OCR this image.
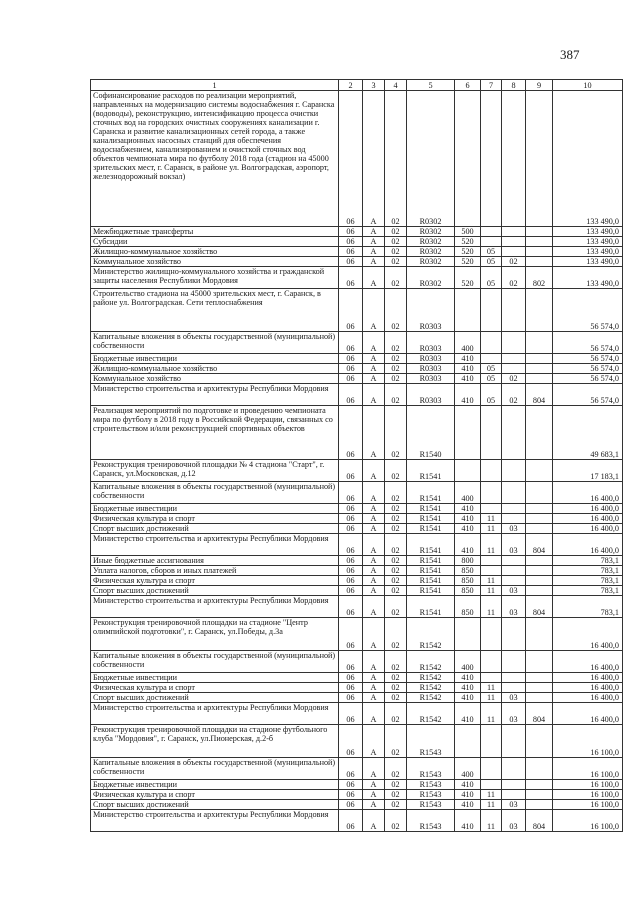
387
1	2	3	4	5	6	7	8	9	10
Софинансирование расходов по реализации мероприятий, направленных на модернизацию системы водоснабжения г. Саранска (водоводы), реконструкцию, интенсификацию процесса очистки сточных вод на городских очистных сооружениях канализации г. Саранска и развитие канализационных сетей города, а также канализационных насосных станций для обеспечения водоснабжением, канализированием и очисткой сточных вод объектов чемпионата мира по футболу 2018 года (стадион на 45000 зрительских мест, г. Саранск, в районе ул. Волгоградская, аэропорт, железнодорожный вокзал)	06	А	02	R0302					133 490,0
Межбюджетные трансферты	06	А	02	R0302	500				133 490,0
Субсидии	06	А	02	R0302	520				133 490,0
Жилищно-коммунальное хозяйство	06	А	02	R0302	520	05			133 490,0
Коммунальное хозяйство	06	А	02	R0302	520	05	02		133 490,0
Министерство жилищно-коммунального хозяйства и гражданской защиты населения Республики Мордовия	06	А	02	R0302	520	05	02	802	133 490,0
Строительство стадиона на 45000 зрительских мест, г. Саранск, в районе ул. Волгоградская. Сети теплоснабжения	06	А	02	R0303					56 574,0
Капитальные вложения в объекты государственной (муниципальной) собственности	06	А	02	R0303	400				56 574,0
Бюджетные инвестиции	06	А	02	R0303	410				56 574,0
Жилищно-коммунальное хозяйство	06	А	02	R0303	410	05			56 574,0
Коммунальное хозяйство	06	А	02	R0303	410	05	02		56 574,0
Министерство строительства и архитектуры Республики Мордовия	06	А	02	R0303	410	05	02	804	56 574,0
Реализация мероприятий по подготовке и проведению чемпионата мира по футболу в 2018 году в Российской Федерации, связанных со строительством и/или реконструкцией спортивных объектов	06	А	02	R1540					49 683,1
Реконструкция тренировочной площадки № 4 стадиона "Старт", г. Саранск, ул.Московская, д.12	06	А	02	R1541					17 183,1
Капитальные вложения в объекты государственной (муниципальной) собственности	06	А	02	R1541	400				16 400,0
Бюджетные инвестиции	06	А	02	R1541	410				16 400,0
Физическая культура и спорт	06	А	02	R1541	410	11			16 400,0
Спорт высших достижений	06	А	02	R1541	410	11	03		16 400,0
Министерство строительства и архитектуры Республики Мордовия	06	А	02	R1541	410	11	03	804	16 400,0
Иные бюджетные ассигнования	06	А	02	R1541	800				783,1
Уплата налогов, сборов и иных платежей	06	А	02	R1541	850				783,1
Физическая культура и спорт	06	А	02	R1541	850	11			783,1
Спорт высших достижений	06	А	02	R1541	850	11	03		783,1
Министерство строительства и архитектуры Республики Мордовия	06	А	02	R1541	850	11	03	804	783,1
Реконструкция тренировочной площадки на стадионе "Центр олимпийской подготовки", г. Саранск, ул.Победы, д.3а	06	А	02	R1542					16 400,0
Капитальные вложения в объекты государственной (муниципальной) собственности	06	А	02	R1542	400				16 400,0
Бюджетные инвестиции	06	А	02	R1542	410				16 400,0
Физическая культура и спорт	06	А	02	R1542	410	11			16 400,0
Спорт высших достижений	06	А	02	R1542	410	11	03		16 400,0
Министерство строительства и архитектуры Республики Мордовия	06	А	02	R1542	410	11	03	804	16 400,0
Реконструкция тренировочной площадки на стадионе футбольного клуба "Мордовия", г. Саранск, ул.Пионерская, д.2-б	06	А	02	R1543					16 100,0
Капитальные вложения в объекты государственной (муниципальной) собственности	06	А	02	R1543	400				16 100,0
Бюджетные инвестиции	06	А	02	R1543	410				16 100,0
Физическая культура и спорт	06	А	02	R1543	410	11			16 100,0
Спорт высших достижений	06	А	02	R1543	410	11	03		16 100,0
Министерство строительства и архитектуры Республики Мордовия	06	А	02	R1543	410	11	03	804	16 100,0
